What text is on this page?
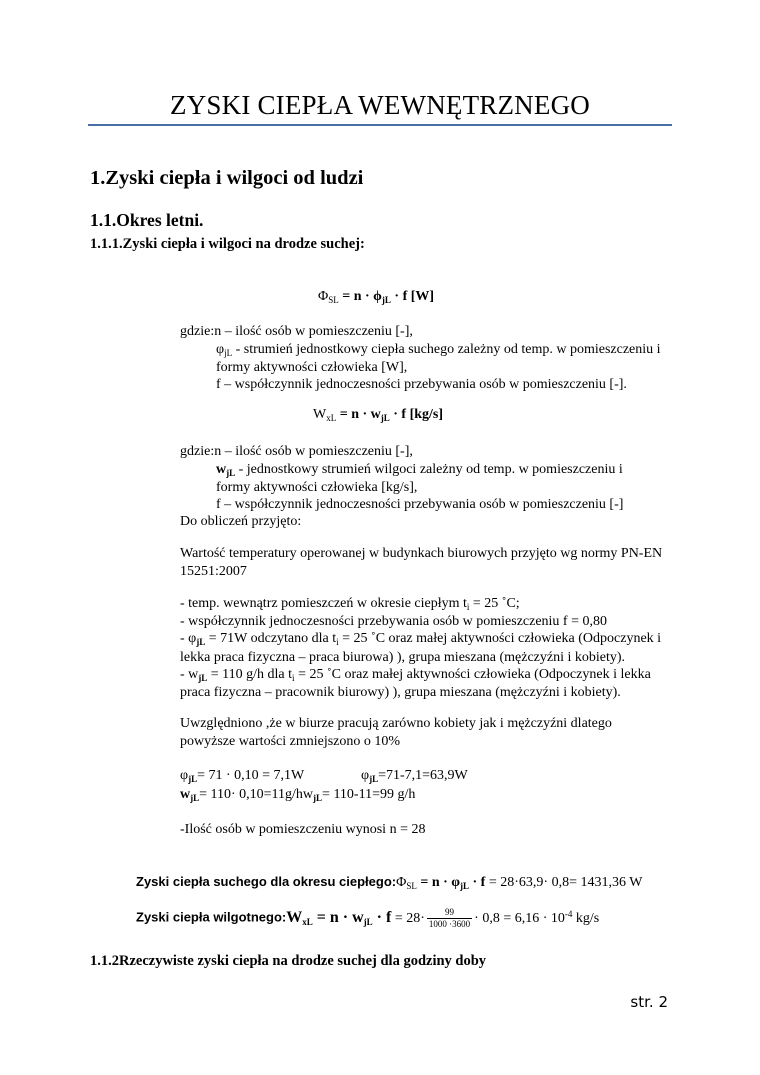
ZYSKI CIEPŁA WEWNĘTRZNEGO
1.Zyski ciepła i wilgoci od ludzi
1.1.Okres letni.
1.1.1.Zyski ciepła i wilgoci na drodze suchej:
$\Phi_{SL} = n \cdot \phi_{jL} \cdot f$ [W]
gdzie:n – ilość osób w pomieszczeniu [-],
$\varphi_{jL}$ - strumień jednostkowy ciepła suchego zależny od temp. w pomieszczeniu i
formy aktywności człowieka [W],
f – współczynnik jednoczesności przebywania osób w pomieszczeniu [-].
$W_{xL} = n \cdot w_{jL} \cdot f$ [kg/s]
gdzie:n – ilość osób w pomieszczeniu [-],
$w_{jL}$ - jednostkowy strumień wilgoci zależny od temp. w pomieszczeniu i
formy aktywności człowieka [kg/s],
f – współczynnik jednoczesności przebywania osób w pomieszczeniu [-]
Do obliczeń przyjęto:
Wartość temperatury operowanej w budynkach biurowych przyjęto wg normy PN-EN
15251:2007
- temp. wewnątrz pomieszczeń w okresie ciepłym $t_i = 25$ ˚C;
- współczynnik jednoczesności przebywania osób w pomieszczeniu f = 0,80
- $\varphi_{jL} = 71W$ odczytano dla $t_i = 25$ ˚C oraz małej aktywności człowieka (Odpoczynek i
lekka praca fizyczna – praca biurowa) ), grupa mieszana (mężczyźni i kobiety).
- $w_{jL} = 110$ g/h dla $t_i = 25$ ˚C oraz małej aktywności człowieka (Odpoczynek i lekka
praca fizyczna – pracownik biurowy) ), grupa mieszana (mężczyźni i kobiety).
Uwzględniono ,że w biurze pracują zarówno kobiety jak i mężczyźni dlatego
powyższe wartości zmniejszono o 10%
$\varphi_{jL}= 71 \cdot 0,10 = 7,1W$	$\varphi_{jL}=71-7,1=63,9W$
$w_{jL}= 110\cdot 0,10=11g/hw_{jL}= 110-11=99$ g/h
-Ilość osób w pomieszczeniu wynosi n = 28
Zyski ciepła suchego dla okresu $ciepłego:\Phi_{SL} = n \cdot \varphi_{jL} \cdot f = 28\cdot 63,9\cdot 0,8= 1431,36$ W
Zyski ciepła $wilgotnego:W_{xL} = n \cdot w_{jL} \cdot f = 28\cdot \frac{99}{1000 \cdot 3600} \cdot 0,8 = 6,16 \cdot 10^{-4}$ kg/s
1.1.2Rzeczywiste zyski ciepła na drodze suchej dla godziny doby
str. 2
